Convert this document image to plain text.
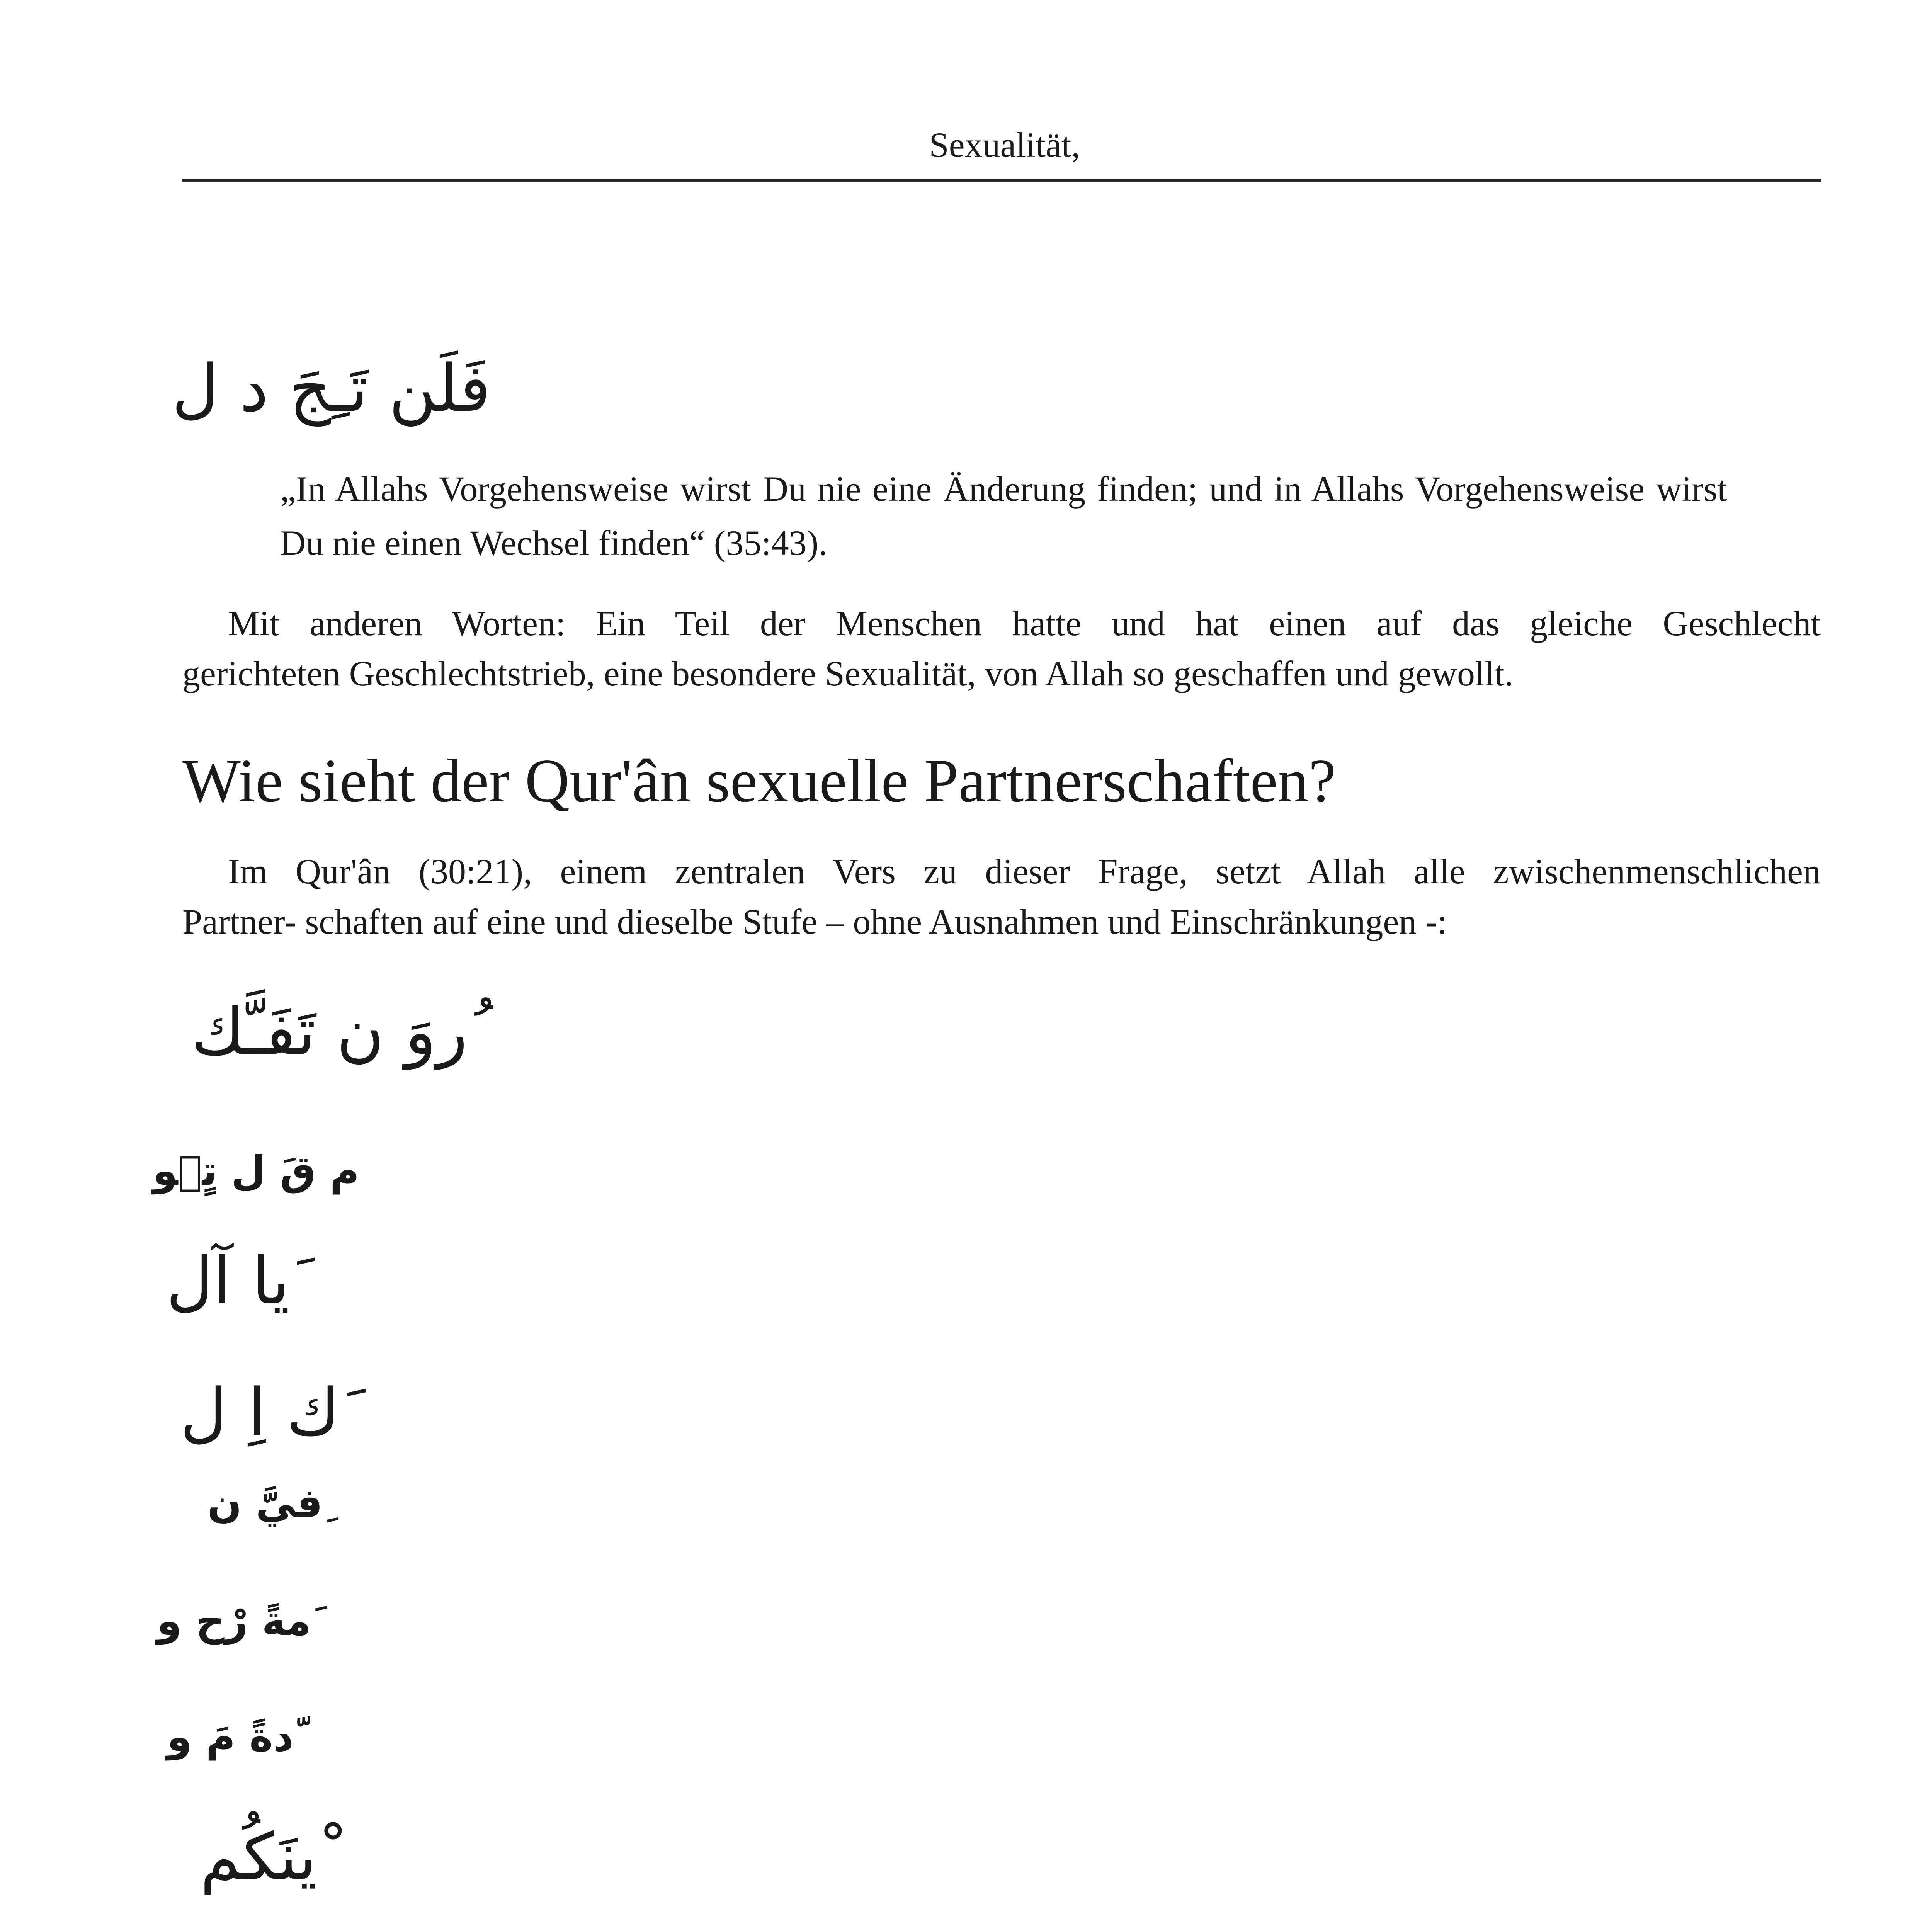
Sexualität,
فَلَن تَـِجَ د ل
„In Allahs Vorgehensweise wirst Du nie eine Änderung finden; und in Allahs Vorgehensweise wirst Du nie einen Wechsel finden“ (35:43).
Mit anderen Worten: Ein Teil der Menschen hatte und hat einen auf das gleiche Geschlecht
gerichteten Geschlechtstrieb, eine besondere Sexualität, von Allah so geschaffen und gewollt.
Wie sieht der Qur'ân sexuelle Partnerschaften?
Im Qur'ân (30:21), einem zentralen Vers zu dieser Frage, setzt Allah alle zwischenmenschlichen
Partner- schaften auf eine und dieselbe Stufe – ohne Ausnahmen und Einschränkungen -:
ُروَ ن تَفَـَّك
م قَ ل تٍۢو
َيا آل
َك اِ ل
ِفيَّ ن
َمةً رْح و
ّدةً مَ و
ْينَكُم
